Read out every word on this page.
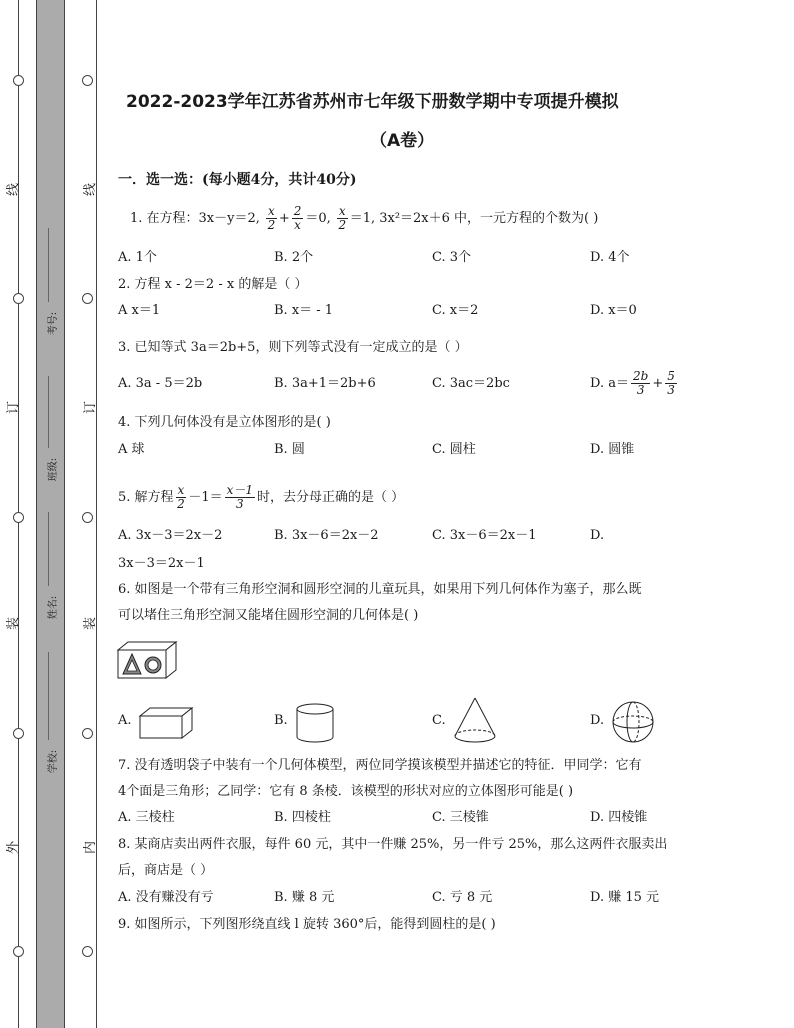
线
订
装
外
线
订
装
内
考号:
班级:
姓名:
学校:
2022-2023学年江苏省苏州市七年级下册数学期中专项提升模拟
（A卷）
一．选一选：(每小题4分，共计40分)
1. 在方程：3x－y＝2, $\frac{x}{2} + \frac{2}{x} =0$, $\frac{x}{2} =1$, 3x²＝2x＋6 中，一元方程的个数为( )
A. 1个	B. 2个	C. 3个	D. 4个
2. 方程 x - 2＝2 - x 的解是（ ）
A x＝1	B. x＝ - 1	C. x＝2	D. x＝0
3. 已知等式 3a＝2b+5，则下列等式没有一定成立的是（ ）
A. 3a - 5＝2b	B. 3a+1＝2b+6	C. 3ac＝2bc	D. $a= \frac{2b}{3} + \frac{5}{3}$
4. 下列几何体没有是立体图形的是( )
A 球	B. 圆	C. 圆柱	D. 圆锥
5. 解方程 $\frac{x}{2} -1= \frac{x-1}{3}$ 时，去分母正确的是（ ）
A. 3x－3＝2x－2	B. 3x－6＝2x－2	C. 3x－6＝2x－1	D.
3x－3＝2x－1
6. 如图是一个带有三角形空洞和圆形空洞的儿童玩具，如果用下列几何体作为塞子，那么既
可以堵住三角形空洞又能堵住圆形空洞的几何体是( )
A.	B.	C.	D.
7. 没有透明袋子中装有一个几何体模型，两位同学摸该模型并描述它的特征．甲同学：它有
4个面是三角形；乙同学：它有 8 条棱．该模型的形状对应的立体图形可能是( )
A. 三棱柱	B. 四棱柱	C. 三棱锥	D. 四棱锥
8. 某商店卖出两件衣服，每件 60 元，其中一件赚 25%，另一件亏 25%，那么这两件衣服卖出
后，商店是（ ）
A. 没有赚没有亏	B. 赚 8 元	C. 亏 8 元	D. 赚 15 元
9. 如图所示，下列图形绕直线 l 旋转 360°后，能得到圆柱的是( )
